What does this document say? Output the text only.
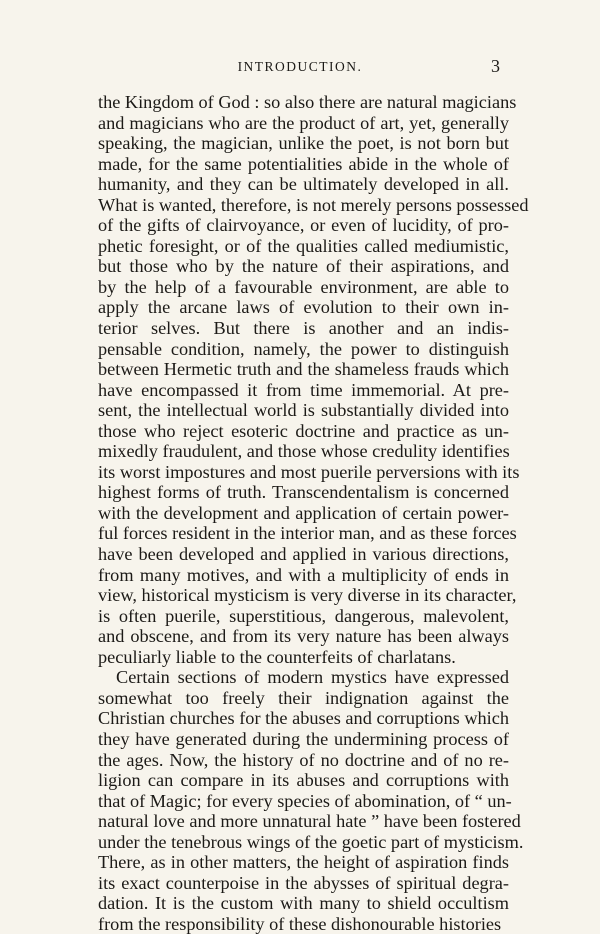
INTRODUCTION.	3
the Kingdom of God : so also there are natural magicians
and magicians who are the product of art, yet, generally
speaking, the magician, unlike the poet, is not born but
made, for the same potentialities abide in the whole of
humanity, and they can be ultimately developed in all.
What is wanted, therefore, is not merely persons possessed
of the gifts of clairvoyance, or even of lucidity, of pro-
phetic foresight, or of the qualities called mediumistic,
but those who by the nature of their aspirations, and
by the help of a favourable environment, are able to
apply the arcane laws of evolution to their own in-
terior selves. But there is another and an indis-
pensable condition, namely, the power to distinguish
between Hermetic truth and the shameless frauds which
have encompassed it from time immemorial. At pre-
sent, the intellectual world is substantially divided into
those who reject esoteric doctrine and practice as un-
mixedly fraudulent, and those whose credulity identifies
its worst impostures and most puerile perversions with its
highest forms of truth. Transcendentalism is concerned
with the development and application of certain power-
ful forces resident in the interior man, and as these forces
have been developed and applied in various directions,
from many motives, and with a multiplicity of ends in
view, historical mysticism is very diverse in its character,
is often puerile, superstitious, dangerous, malevolent,
and obscene, and from its very nature has been always
peculiarly liable to the counterfeits of charlatans.
Certain sections of modern mystics have expressed
somewhat too freely their indignation against the
Christian churches for the abuses and corruptions which
they have generated during the undermining process of
the ages. Now, the history of no doctrine and of no re-
ligion can compare in its abuses and corruptions with
that of Magic; for every species of abomination, of “ un-
natural love and more unnatural hate ” have been fostered
under the tenebrous wings of the goetic part of mysticism.
There, as in other matters, the height of aspiration finds
its exact counterpoise in the abysses of spiritual degra-
dation. It is the custom with many to shield occultism
from the responsibility of these dishonourable histories
